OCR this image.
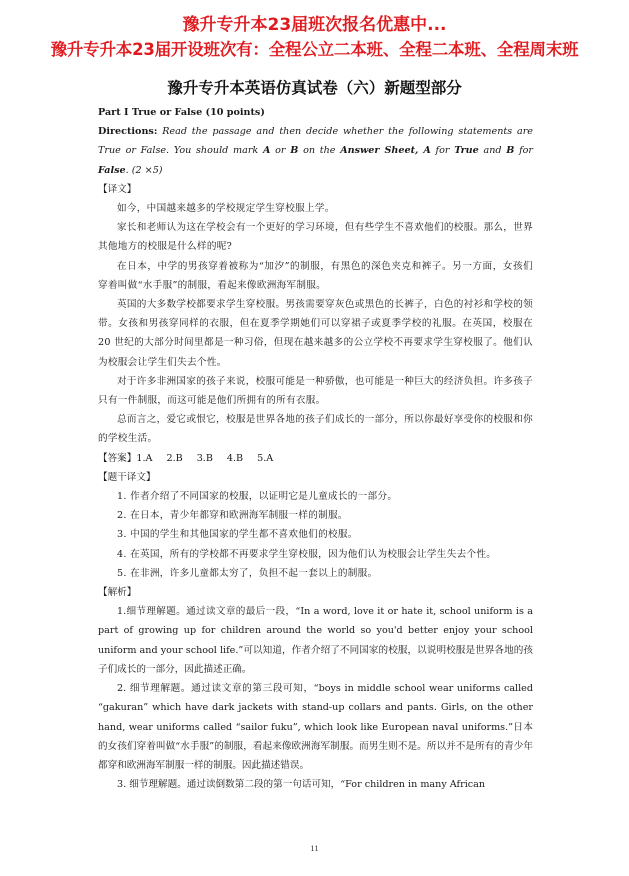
豫升专升本23届班次报名优惠中...
豫升专升本23届开设班次有：全程公立二本班、全程二本班、全程周末班
豫升专升本英语仿真试卷（六）新题型部分

Part I True or False (10 points)

Directions: Read the passage and then decide whether the following statements are True or False. You should mark A or B on the Answer Sheet, A for True and B for False. (2 ×5)

【译文】

如今，中国越来越多的学校规定学生穿校服上学。

家长和老师认为这在学校会有一个更好的学习环境，但有些学生不喜欢他们的校服。那么，世界其他地方的校服是什么样的呢?

在日本，中学的男孩穿着被称为“加汐”的制服，有黑色的深色夹克和裤子。另一方面，女孩们穿着叫做“水手服”的制服，看起来像欧洲海军制服。

英国的大多数学校都要求学生穿校服。男孩需要穿灰色或黑色的长裤子，白色的衬衫和学校的领带。女孩和男孩穿同样的衣服，但在夏季学期她们可以穿裙子或夏季学校的礼服。在英国，校服在 20 世纪的大部分时间里都是一种习俗，但现在越来越多的公立学校不再要求学生穿校服了。他们认为校服会让学生们失去个性。

对于许多非洲国家的孩子来说，校服可能是一种骄傲，也可能是一种巨大的经济负担。许多孩子只有一件制服，而这可能是他们所拥有的所有衣服。

总而言之，爱它或恨它，校服是世界各地的孩子们成长的一部分，所以你最好享受你的校服和你的学校生活。

【答案】1.A 2.B 3.B 4.B 5.A

【题干译文】

1. 作者介绍了不同国家的校服，以证明它是儿童成长的一部分。

2. 在日本，青少年都穿和欧洲海军制服一样的制服。

3. 中国的学生和其他国家的学生都不喜欢他们的校服。

4. 在英国，所有的学校都不再要求学生穿校服，因为他们认为校服会让学生失去个性。

5. 在非洲，许多儿童都太穷了，负担不起一套以上的制服。

【解析】

1.细节理解题。通过读文章的最后一段，“In a word, love it or hate it, school uniform is a part of growing up for children around the world so you'd better enjoy your school uniform and your school life.”可以知道，作者介绍了不同国家的校服，以说明校服是世界各地的孩子们成长的一部分，因此描述正确。

2. 细节理解题。通过读文章的第三段可知，“boys in middle school wear uniforms called “gakuran” which have dark jackets with stand-up collars and pants. Girls, on the other hand, wear uniforms called “sailor fuku”, which look like European naval uniforms.”日本的女孩们穿着叫做“水手服”的制服，看起来像欧洲海军制服。而男生则不是。所以并不是所有的青少年都穿和欧洲海军制服一样的制服。因此描述错误。

3. 细节理解题。通过读倒数第二段的第一句话可知，“For children in many African

11
